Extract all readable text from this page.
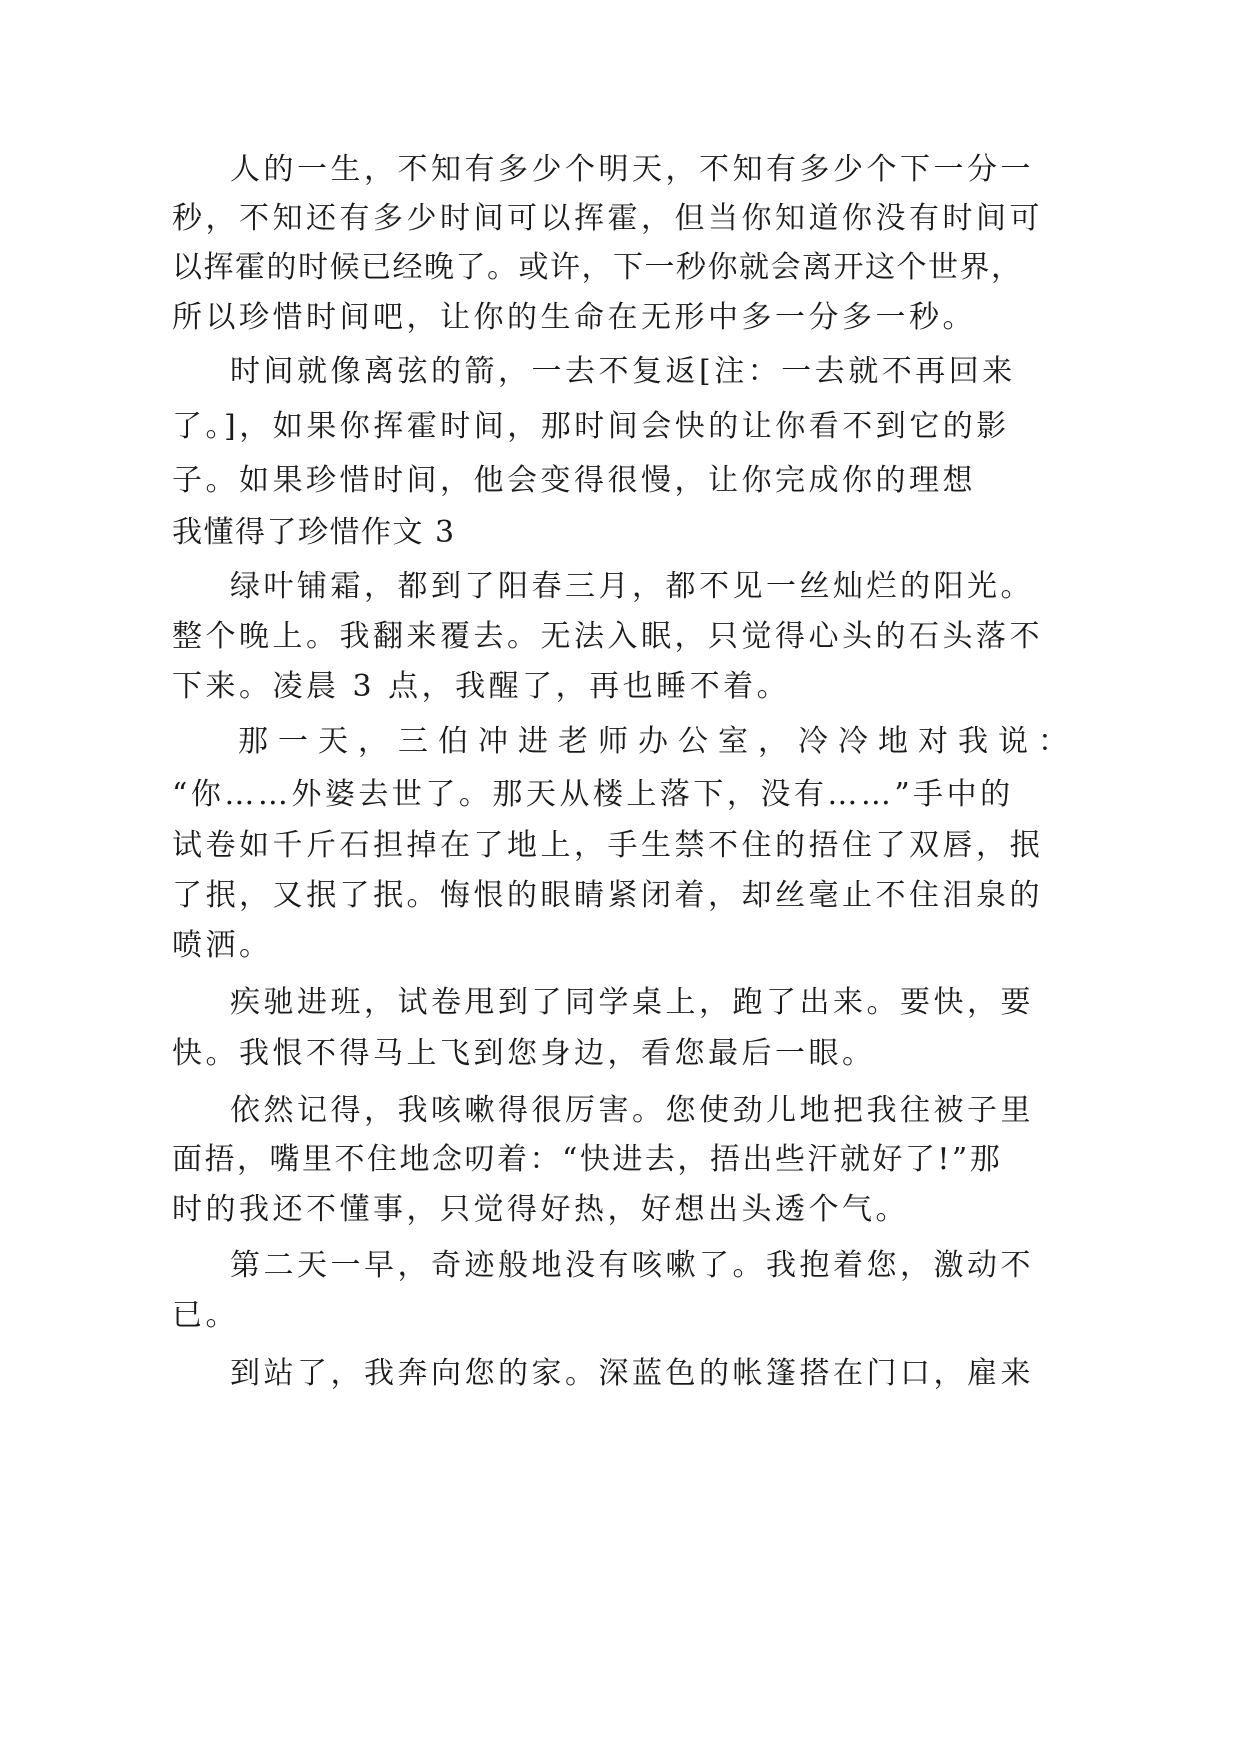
人的一生，不知有多少个明天，不知有多少个下一分一

秒，不知还有多少时间可以挥霍，但当你知道你没有时间可

以挥霍的时候已经晚了。或许，下一秒你就会离开这个世界，

所以珍惜时间吧，让你的生命在无形中多一分多一秒。

时间就像离弦的箭，一去不复返[注：一去就不再回来

了。]，如果你挥霍时间，那时间会快的让你看不到它的影

子。如果珍惜时间，他会变得很慢，让你完成你的理想

我懂得了珍惜作文 3

绿叶铺霜，都到了阳春三月，都不见一丝灿烂的阳光。

整个晚上。我翻来覆去。无法入眠，只觉得心头的石头落不

下来。凌晨 3 点，我醒了，再也睡不着。

那一天，三伯冲进老师办公室，冷冷地对我说：

“你……外婆去世了。那天从楼上落下，没有……”手中的

试卷如千斤石担掉在了地上，手生禁不住的捂住了双唇，抿

了抿，又抿了抿。悔恨的眼睛紧闭着，却丝毫止不住泪泉的

喷洒。

疾驰进班，试卷甩到了同学桌上，跑了出来。要快，要

快。我恨不得马上飞到您身边，看您最后一眼。

依然记得，我咳嗽得很厉害。您使劲儿地把我往被子里

面捂，嘴里不住地念叨着：“快进去，捂出些汗就好了!”那

时的我还不懂事，只觉得好热，好想出头透个气。

第二天一早，奇迹般地没有咳嗽了。我抱着您，激动不

已。

到站了，我奔向您的家。深蓝色的帐篷搭在门口，雇来
